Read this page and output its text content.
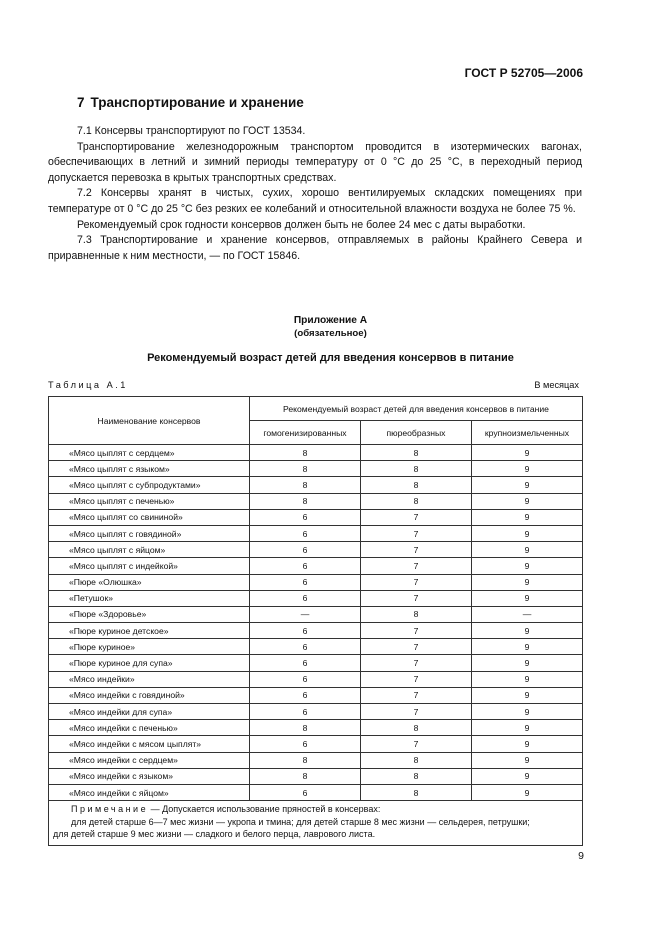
ГОСТ Р 52705—2006
7 Транспортирование и хранение

7.1 Консервы транспортируют по ГОСТ 13534.

Транспортирование железнодорожным транспортом проводится в изотермических вагонах, обеспечивающих в летний и зимний периоды температуру от 0 °С до 25 °С, в переходный период допускается перевозка в крытых транспортных средствах.

7.2 Консервы хранят в чистых, сухих, хорошо вентилируемых складских помещениях при температуре от 0 °С до 25 °С без резких ее колебаний и относительной влажности воздуха не более 75 %.

Рекомендуемый срок годности консервов должен быть не более 24 мес с даты выработки.

7.3 Транспортирование и хранение консервов, отправляемых в районы Крайнего Севера и приравненные к ним местности, — по ГОСТ 15846.

Приложение А
(обязательное)
Рекомендуемый возраст детей для введения консервов в питание
Таблица А.1	В месяцах
Наименование консервов	Рекомендуемый возраст детей для введения консервов в питание		
	гомогенизированных	пюреобразных	крупноизмельченных
«Мясо цыплят с сердцем»	8	8	9
«Мясо цыплят с языком»	8	8	9
«Мясо цыплят с субпродуктами»	8	8	9
«Мясо цыплят с печенью»	8	8	9
«Мясо цыплят со свининой»	6	7	9
«Мясо цыплят с говядиной»	6	7	9
«Мясо цыплят с яйцом»	6	7	9
«Мясо цыплят с индейкой»	6	7	9
«Пюре «Олюшка»	6	7	9
«Петушок»	6	7	9
«Пюре «Здоровье»	—	8	—
«Пюре куриное детское»	6	7	9
«Пюре куриное»	6	7	9
«Пюре куриное для супа»	6	7	9
«Мясо индейки»	6	7	9
«Мясо индейки с говядиной»	6	7	9
«Мясо индейки для супа»	6	7	9
«Мясо индейки с печенью»	8	8	9
«Мясо индейки с мясом цыплят»	6	7	9
«Мясо индейки с сердцем»	8	8	9
«Мясо индейки с языком»	8	8	9
«Мясо индейки с яйцом»	6	8	9

Примечание — Допускается использование пряностей в консервах:
для детей старше 6—7 мес жизни — укропа и тмина; для детей старше 8 мес жизни — сельдерея, петрушки;
для детей старше 9 мес жизни — сладкого и белого перца, лаврового листа.			
9
